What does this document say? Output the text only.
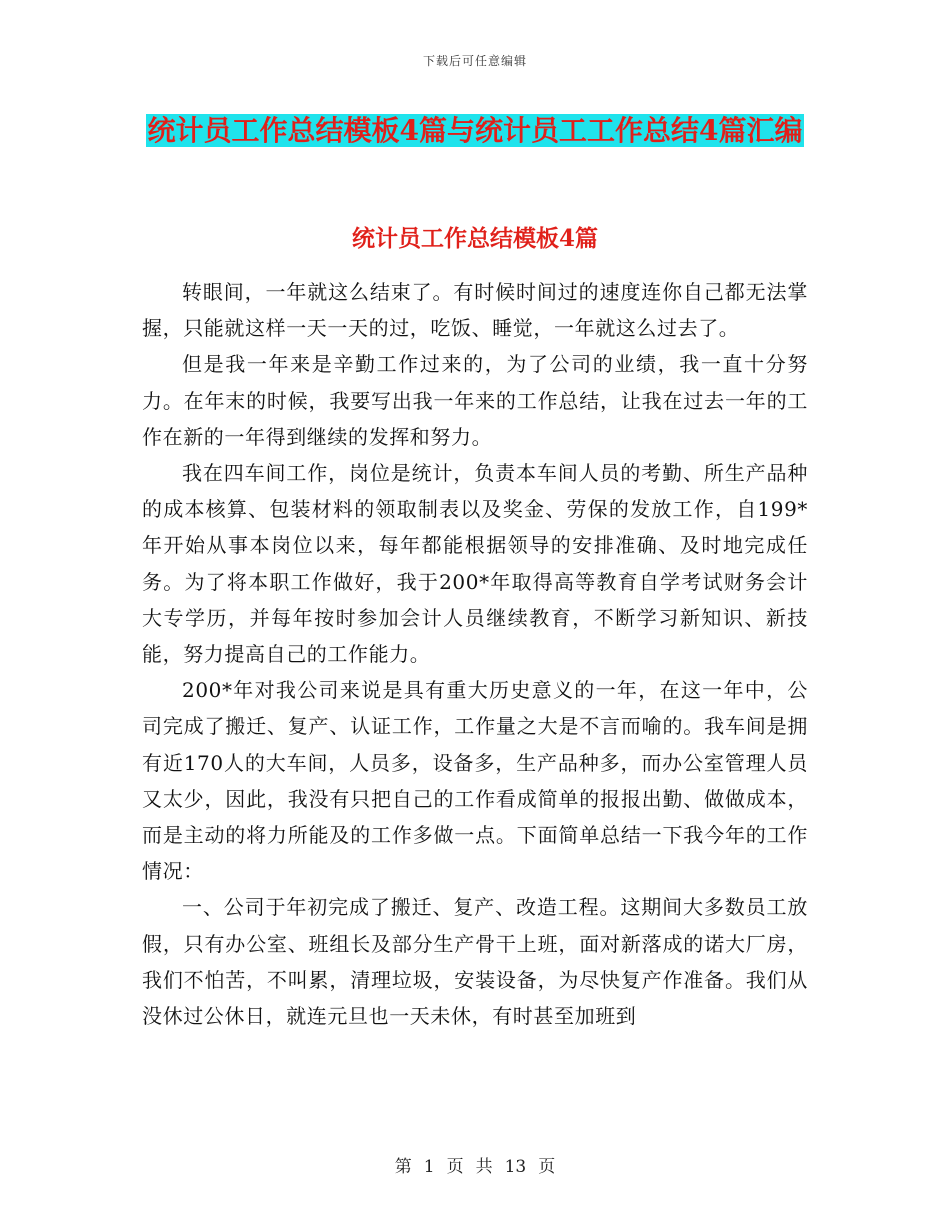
下载后可任意编辑
统计员工作总结模板4篇与统计员工工作总结4篇汇编
统计员工作总结模板4篇

转眼间，一年就这么结束了。有时候时间过的速度连你自己都无法掌握，只能就这样一天一天的过，吃饭、睡觉，一年就这么过去了。

但是我一年来是辛勤工作过来的，为了公司的业绩，我一直十分努力。在年末的时候，我要写出我一年来的工作总结，让我在过去一年的工作在新的一年得到继续的发挥和努力。

我在四车间工作，岗位是统计，负责本车间人员的考勤、所生产品种的成本核算、包装材料的领取制表以及奖金、劳保的发放工作，自199*年开始从事本岗位以来，每年都能根据领导的安排准确、及时地完成任务。为了将本职工作做好，我于200*年取得高等教育自学考试财务会计大专学历，并每年按时参加会计人员继续教育，不断学习新知识、新技能，努力提高自己的工作能力。

200*年对我公司来说是具有重大历史意义的一年，在这一年中，公司完成了搬迁、复产、认证工作，工作量之大是不言而喻的。我车间是拥有近170人的大车间，人员多，设备多，生产品种多，而办公室管理人员又太少，因此，我没有只把自己的工作看成简单的报报出勤、做做成本，而是主动的将力所能及的工作多做一点。下面简单总结一下我今年的工作情况：

一、公司于年初完成了搬迁、复产、改造工程。这期间大多数员工放假，只有办公室、班组长及部分生产骨干上班，面对新落成的诺大厂房，我们不怕苦，不叫累，清理垃圾，安装设备，为尽快复产作准备。我们从没休过公休日，就连元旦也一天未休，有时甚至加班到

第 1 页 共 13 页
